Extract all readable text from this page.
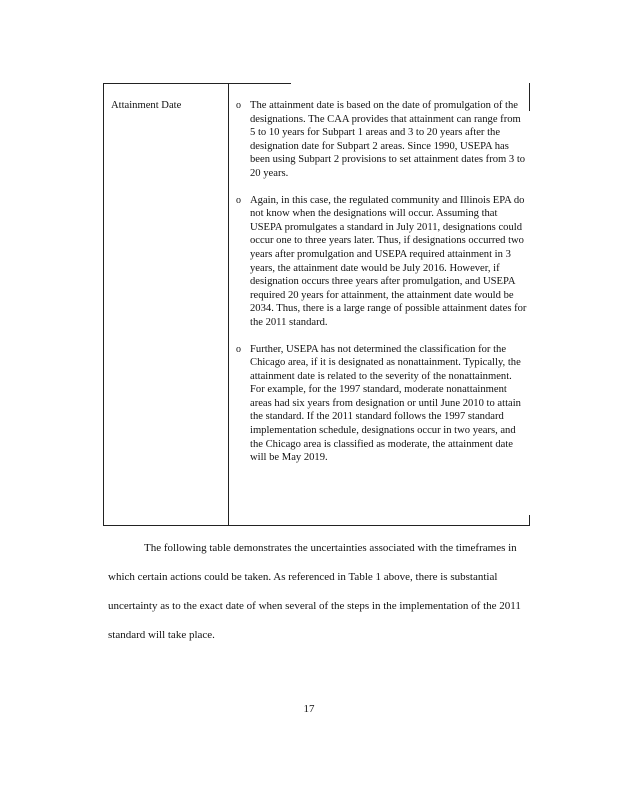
Attainment Date	o The attainment date is based on the date of promulgation of the designations. The CAA provides that attainment can range from 5 to 10 years for Subpart 1 areas and 3 to 20 years after the designation date for Subpart 2 areas. Since 1990, USEPA has been using Subpart 2 provisions to set attainment dates from 3 to 20 years.
o Again, in this case, the regulated community and Illinois EPA do not know when the designations will occur. Assuming that USEPA promulgates a standard in July 2011, designations could occur one to three years later. Thus, if designations occurred two years after promulgation and USEPA required attainment in 3 years, the attainment date would be July 2016. However, if designation occurs three years after promulgation, and USEPA required 20 years for attainment, the attainment date would be 2034. Thus, there is a large range of possible attainment dates for the 2011 standard.
o Further, USEPA has not determined the classification for the Chicago area, if it is designated as nonattainment. Typically, the attainment date is related to the severity of the nonattainment. For example, for the 1997 standard, moderate nonattainment areas had six years from designation or until June 2010 to attain the standard. If the 2011 standard follows the 1997 standard implementation schedule, designations occur in two years, and the Chicago area is classified as moderate, the attainment date will be May 2019.
The following table demonstrates the uncertainties associated with the timeframes in which certain actions could be taken. As referenced in Table 1 above, there is substantial uncertainty as to the exact date of when several of the steps in the implementation of the 2011 standard will take place.
17
